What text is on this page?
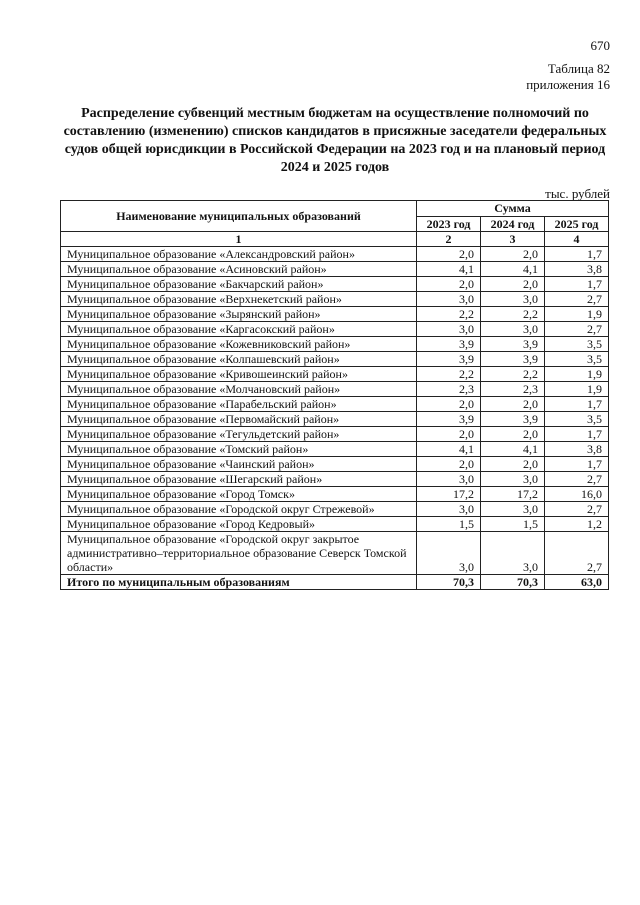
670
Таблица 82
приложения 16
Распределение субвенций местным бюджетам на осуществление полномочий по составлению (изменению) списков кандидатов в присяжные заседатели федеральных судов общей юрисдикции в Российской Федерации на 2023 год и на плановый период 2024 и 2025 годов
тыс. рублей
Наименование муниципальных образований	Сумма		
	2023 год	2024 год	2025 год
1	2	3	4
Муниципальное образование «Александровский район»	2,0	2,0	1,7
Муниципальное образование «Асиновский район»	4,1	4,1	3,8
Муниципальное образование «Бакчарский район»	2,0	2,0	1,7
Муниципальное образование «Верхнекетский район»	3,0	3,0	2,7
Муниципальное образование «Зырянский район»	2,2	2,2	1,9
Муниципальное образование «Каргасокский район»	3,0	3,0	2,7
Муниципальное образование «Кожевниковский район»	3,9	3,9	3,5
Муниципальное образование «Колпашевский район»	3,9	3,9	3,5
Муниципальное образование «Кривошеинский район»	2,2	2,2	1,9
Муниципальное образование «Молчановский район»	2,3	2,3	1,9
Муниципальное образование «Парабельский район»	2,0	2,0	1,7
Муниципальное образование «Первомайский район»	3,9	3,9	3,5
Муниципальное образование «Тегульдетский район»	2,0	2,0	1,7
Муниципальное образование «Томский район»	4,1	4,1	3,8
Муниципальное образование «Чаинский район»	2,0	2,0	1,7
Муниципальное образование «Шегарский район»	3,0	3,0	2,7
Муниципальное образование «Город Томск»	17,2	17,2	16,0
Муниципальное образование «Городской округ Стрежевой»	3,0	3,0	2,7
Муниципальное образование «Город Кедровый»	1,5	1,5	1,2
Муниципальное образование «Городской округ закрытое административно–территориальное образование Северск Томской области»	3,0	3,0	2,7
Итого по муниципальным образованиям	70,3	70,3	63,0
